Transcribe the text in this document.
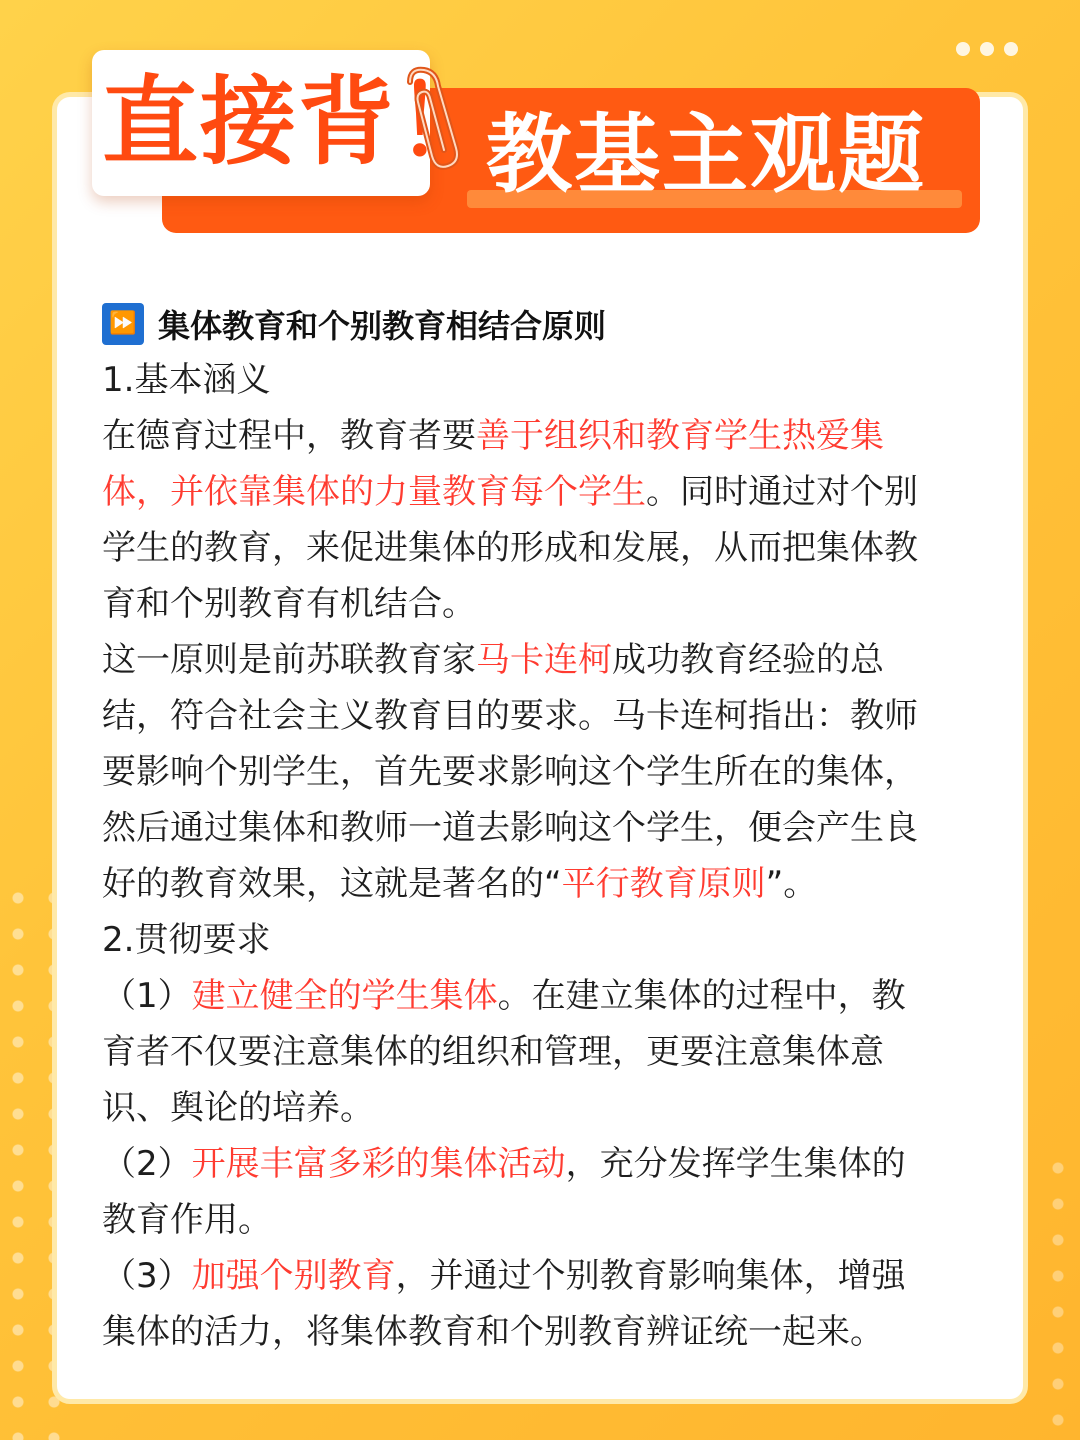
直接背！
教基主观题
⏩ 集体教育和个别教育相结合原则
1.基本涵义
在德育过程中，教育者要善于组织和教育学生热爱集
体，并依靠集体的力量教育每个学生。同时通过对个别
学生的教育，来促进集体的形成和发展，从而把集体教
育和个别教育有机结合。
这一原则是前苏联教育家马卡连柯成功教育经验的总
结，符合社会主义教育目的要求。马卡连柯指出：教师
要影响个别学生，首先要求影响这个学生所在的集体，
然后通过集体和教师一道去影响这个学生，便会产生良
好的教育效果，这就是著名的“平行教育原则”。
2.贯彻要求
（1）建立健全的学生集体。在建立集体的过程中，教
育者不仅要注意集体的组织和管理，更要注意集体意
识、舆论的培养。
（2）开展丰富多彩的集体活动，充分发挥学生集体的
教育作用。
（3）加强个别教育，并通过个别教育影响集体，增强
集体的活力，将集体教育和个别教育辨证统一起来。
